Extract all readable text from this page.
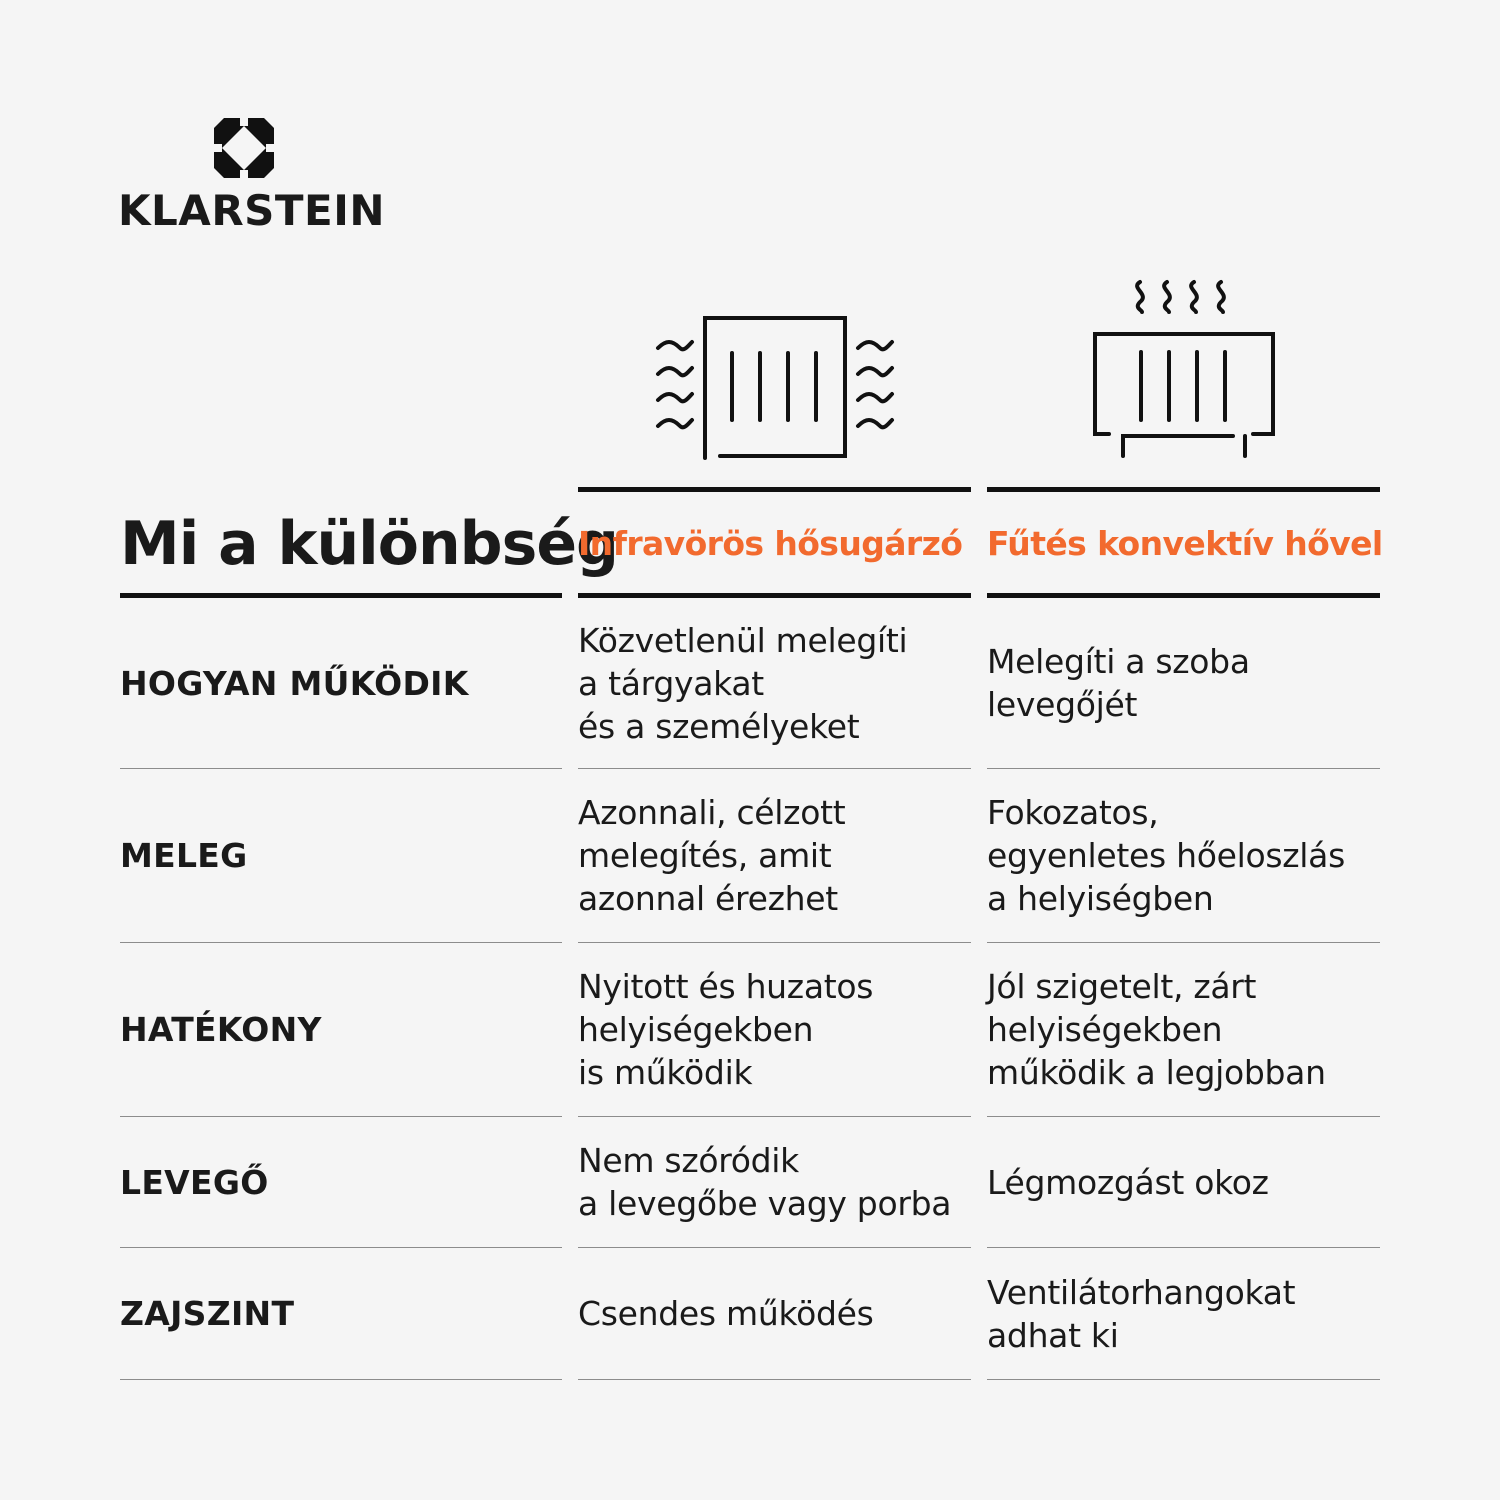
KLARSTEIN
Mi a különbség
Infravörös hősugárzó Fűtés konvektív hővel
HOGYAN MŰKÖDIK
Közvetlenül melegíti
a tárgyakat
és a személyeket
Melegíti a szoba
levegőjét
MELEG
Azonnali, célzott
melegítés, amit
azonnal érezhet
Fokozatos,
egyenletes hőeloszlás
a helyiségben
HATÉKONY
Nyitott és huzatos
helyiségekben
is működik
Jól szigetelt, zárt
helyiségekben
működik a legjobban
LEVEGŐ
Nem szóródik
a levegőbe vagy porba
Légmozgást okoz
ZAJSZINT	Csendes működés
Ventilátorhangokat
adhat ki
